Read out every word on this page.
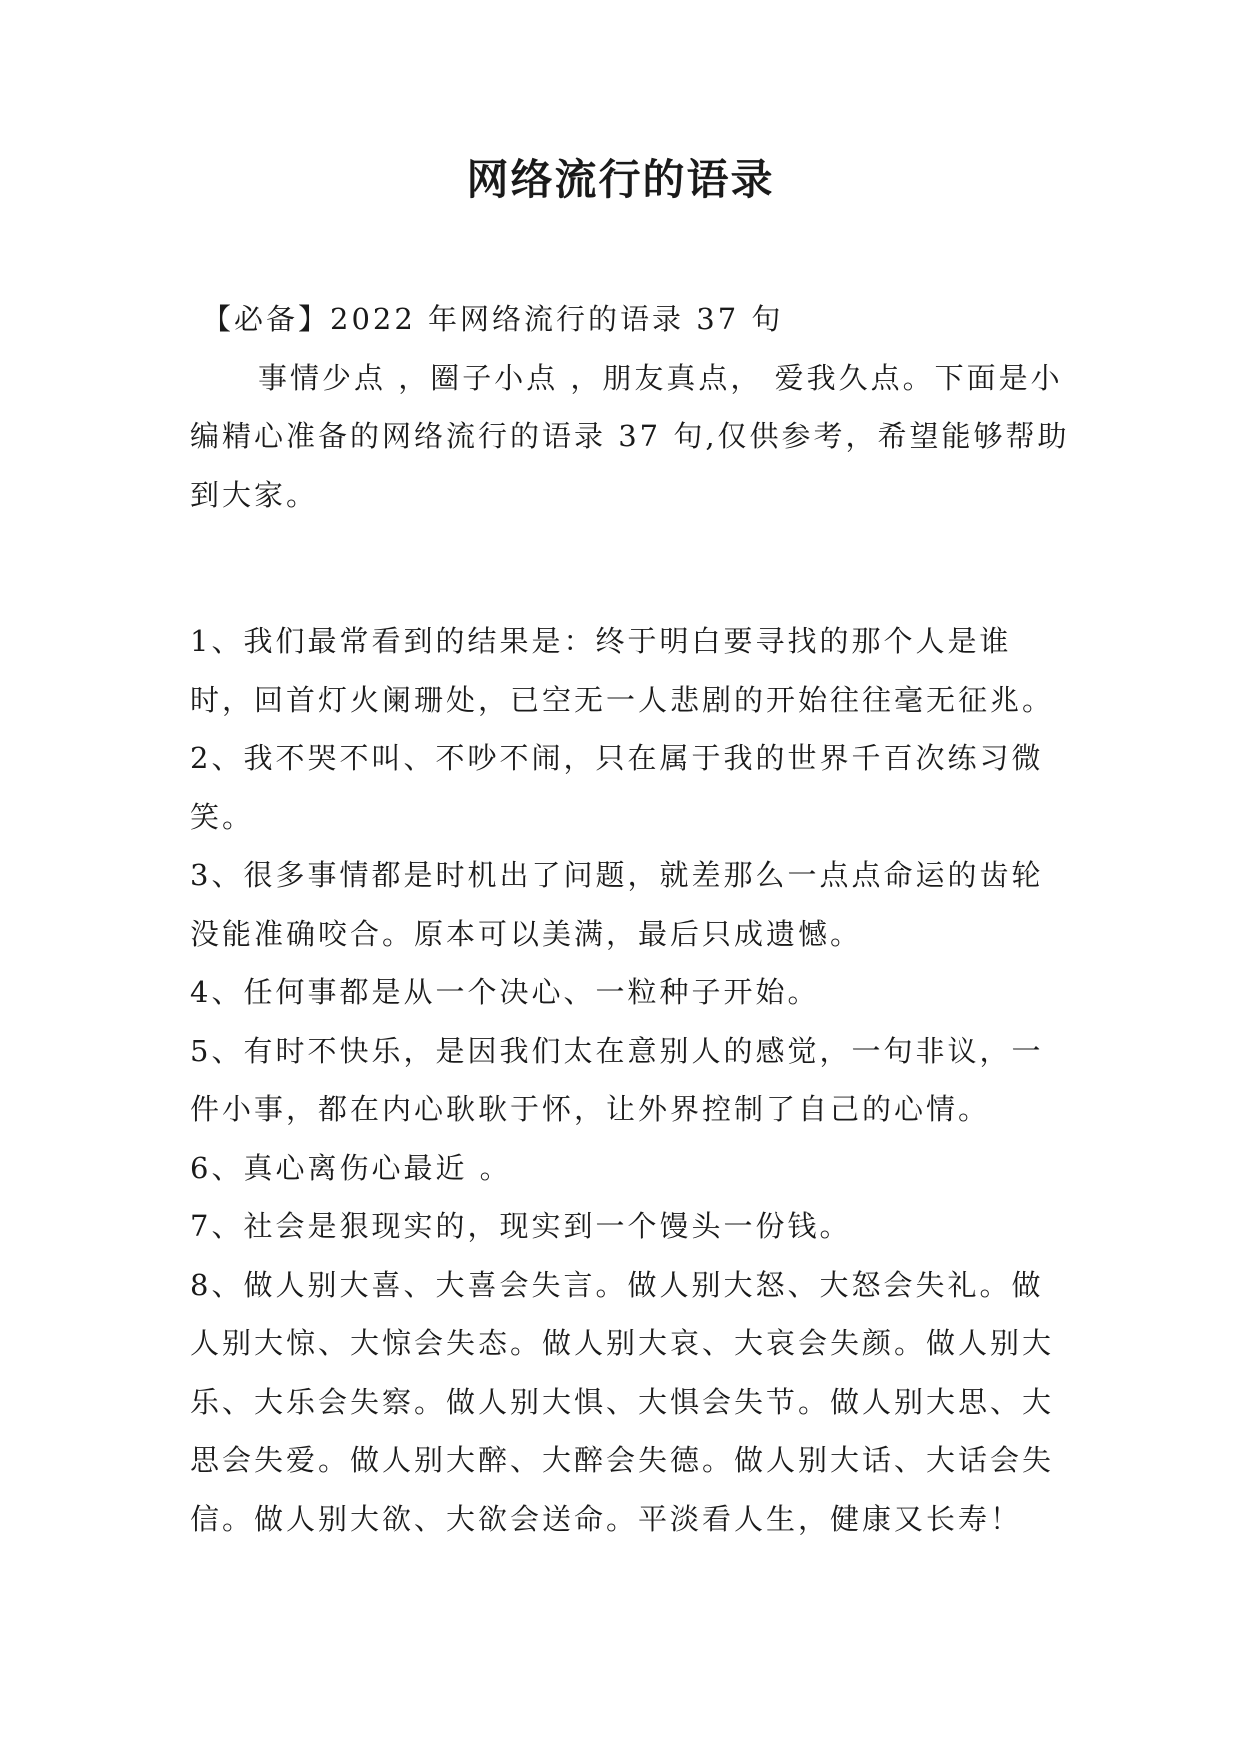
网络流行的语录

【必备】2022 年网络流行的语录 37 句

事情少点 ，圈子小点 ，朋友真点， 爱我久点。下面是小编精心准备的网络流行的语录 37 句,仅供参考，希望能够帮助到大家。

1、我们最常看到的结果是：终于明白要寻找的那个人是谁时，回首灯火阑珊处，已空无一人悲剧的开始往往毫无征兆。

2、我不哭不叫、不吵不闹，只在属于我的世界千百次练习微笑。

3、很多事情都是时机出了问题，就差那么一点点命运的齿轮没能准确咬合。原本可以美满，最后只成遗憾。

4、任何事都是从一个决心、一粒种子开始。

5、有时不快乐，是因我们太在意别人的感觉，一句非议，一件小事，都在内心耿耿于怀，让外界控制了自己的心情。

6、真心离伤心最近 。

7、社会是狠现实的，现实到一个馒头一份钱。

8、做人别大喜、大喜会失言。做人别大怒、大怒会失礼。做人别大惊、大惊会失态。做人别大哀、大哀会失颜。做人别大乐、大乐会失察。做人别大惧、大惧会失节。做人别大思、大思会失爱。做人别大醉、大醉会失德。做人别大话、大话会失信。做人别大欲、大欲会送命。平淡看人生，健康又长寿！
